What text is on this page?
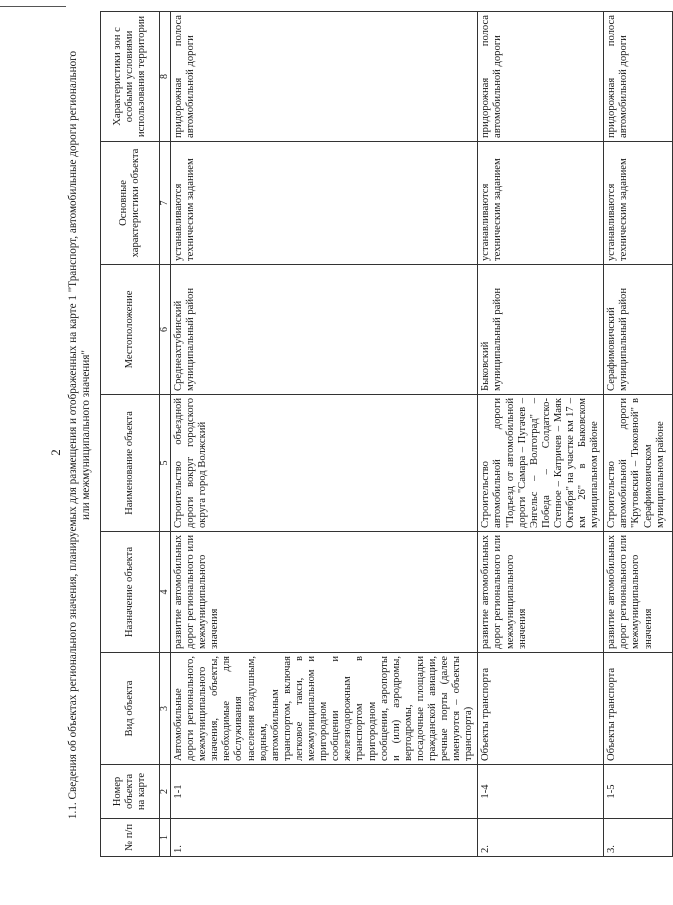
2 1.1. Сведения об объектах регионального значения, планируемых для размещения и отображенных на карте 1 "Транспорт, автомобильные дороги регионального или межмуниципального значения"
№ п/п	Номер объекта на карте	Вид объекта	Назначение объекта	Наименование объекта	Местоположение	Основные характеристики объекта	Характеристики зон с особыми условиями использования территории
1	2	3	4	5	6	7	8
1.	1-1	Автомобильные дороги регионального, межмуниципального значения, объекты, необходимые для обслуживания населения воздушным, водным, автомобильным транспортом, включая легковое такси, в межмуниципальном и пригородном сообщении и железнодорожным транспортом в пригородном сообщении, аэропорты и (или) аэродромы, вертодромы, посадочные площадки гражданской авиации, речные порты (далее именуются – объекты транспорта)	развитие автомобильных дорог регионального или межмуниципального значения	Строительство объездной дороги вокруг городского округа город Волжский	Среднеахтубинский муниципальный район	устанавливаются техническим заданием	придорожная полоса автомобильной дороги
2.	1-4	Объекты транспорта	развитие автомобильных дорог регионального или межмуниципального значения	Строительство автомобильной дороги "Подъезд от автомобильной дороги "Самара – Пугачев – Энгельс – Волгоград" – Победа – Солдатско-Степное – Катричев – Маяк Октября" на участке км 17 – км 26" в Быковском муниципальном районе	Быковский муниципальный район	устанавливаются техническим заданием	придорожная полоса автомобильной дороги
3.	1-5	Объекты транспорта	развитие автомобильных дорог регионального или межмуниципального значения	Строительство автомобильной дороги "Крутовский – Тюковной" в Серафимовичском муниципальном районе	Серафимовичский муниципальный район	устанавливаются техническим заданием	придорожная полоса автомобильной дороги
